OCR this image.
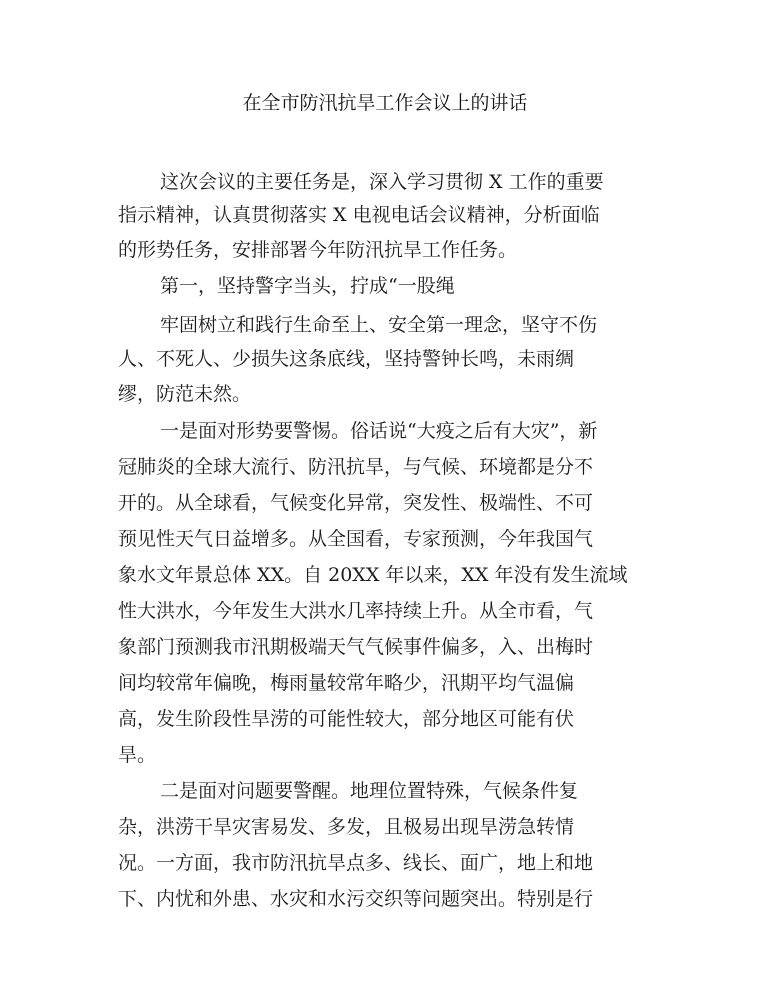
在全市防汛抗旱工作会议上的讲话
这次会议的主要任务是，深入学习贯彻 X 工作的重要
指示精神，认真贯彻落实 X 电视电话会议精神，分析面临
的形势任务，安排部署今年防汛抗旱工作任务。
第一，坚持警字当头，拧成“一股绳
牢固树立和践行生命至上、安全第一理念，坚守不伤
人、不死人、少损失这条底线，坚持警钟长鸣，未雨绸
缪，防范未然。
一是面对形势要警惕。俗话说“大疫之后有大灾”，新
冠肺炎的全球大流行、防汛抗旱，与气候、环境都是分不
开的。从全球看，气候变化异常，突发性、极端性、不可
预见性天气日益增多。从全国看，专家预测，今年我国气
象水文年景总体 XX。自 20XX 年以来，XX 年没有发生流域
性大洪水，今年发生大洪水几率持续上升。从全市看，气
象部门预测我市汛期极端天气气候事件偏多，入、出梅时
间均较常年偏晚，梅雨量较常年略少，汛期平均气温偏
高，发生阶段性旱涝的可能性较大，部分地区可能有伏
旱。
二是面对问题要警醒。地理位置特殊，气候条件复
杂，洪涝干旱灾害易发、多发，且极易出现旱涝急转情
况。一方面，我市防汛抗旱点多、线长、面广，地上和地
下、内忧和外患、水灾和水污交织等问题突出。特别是行
